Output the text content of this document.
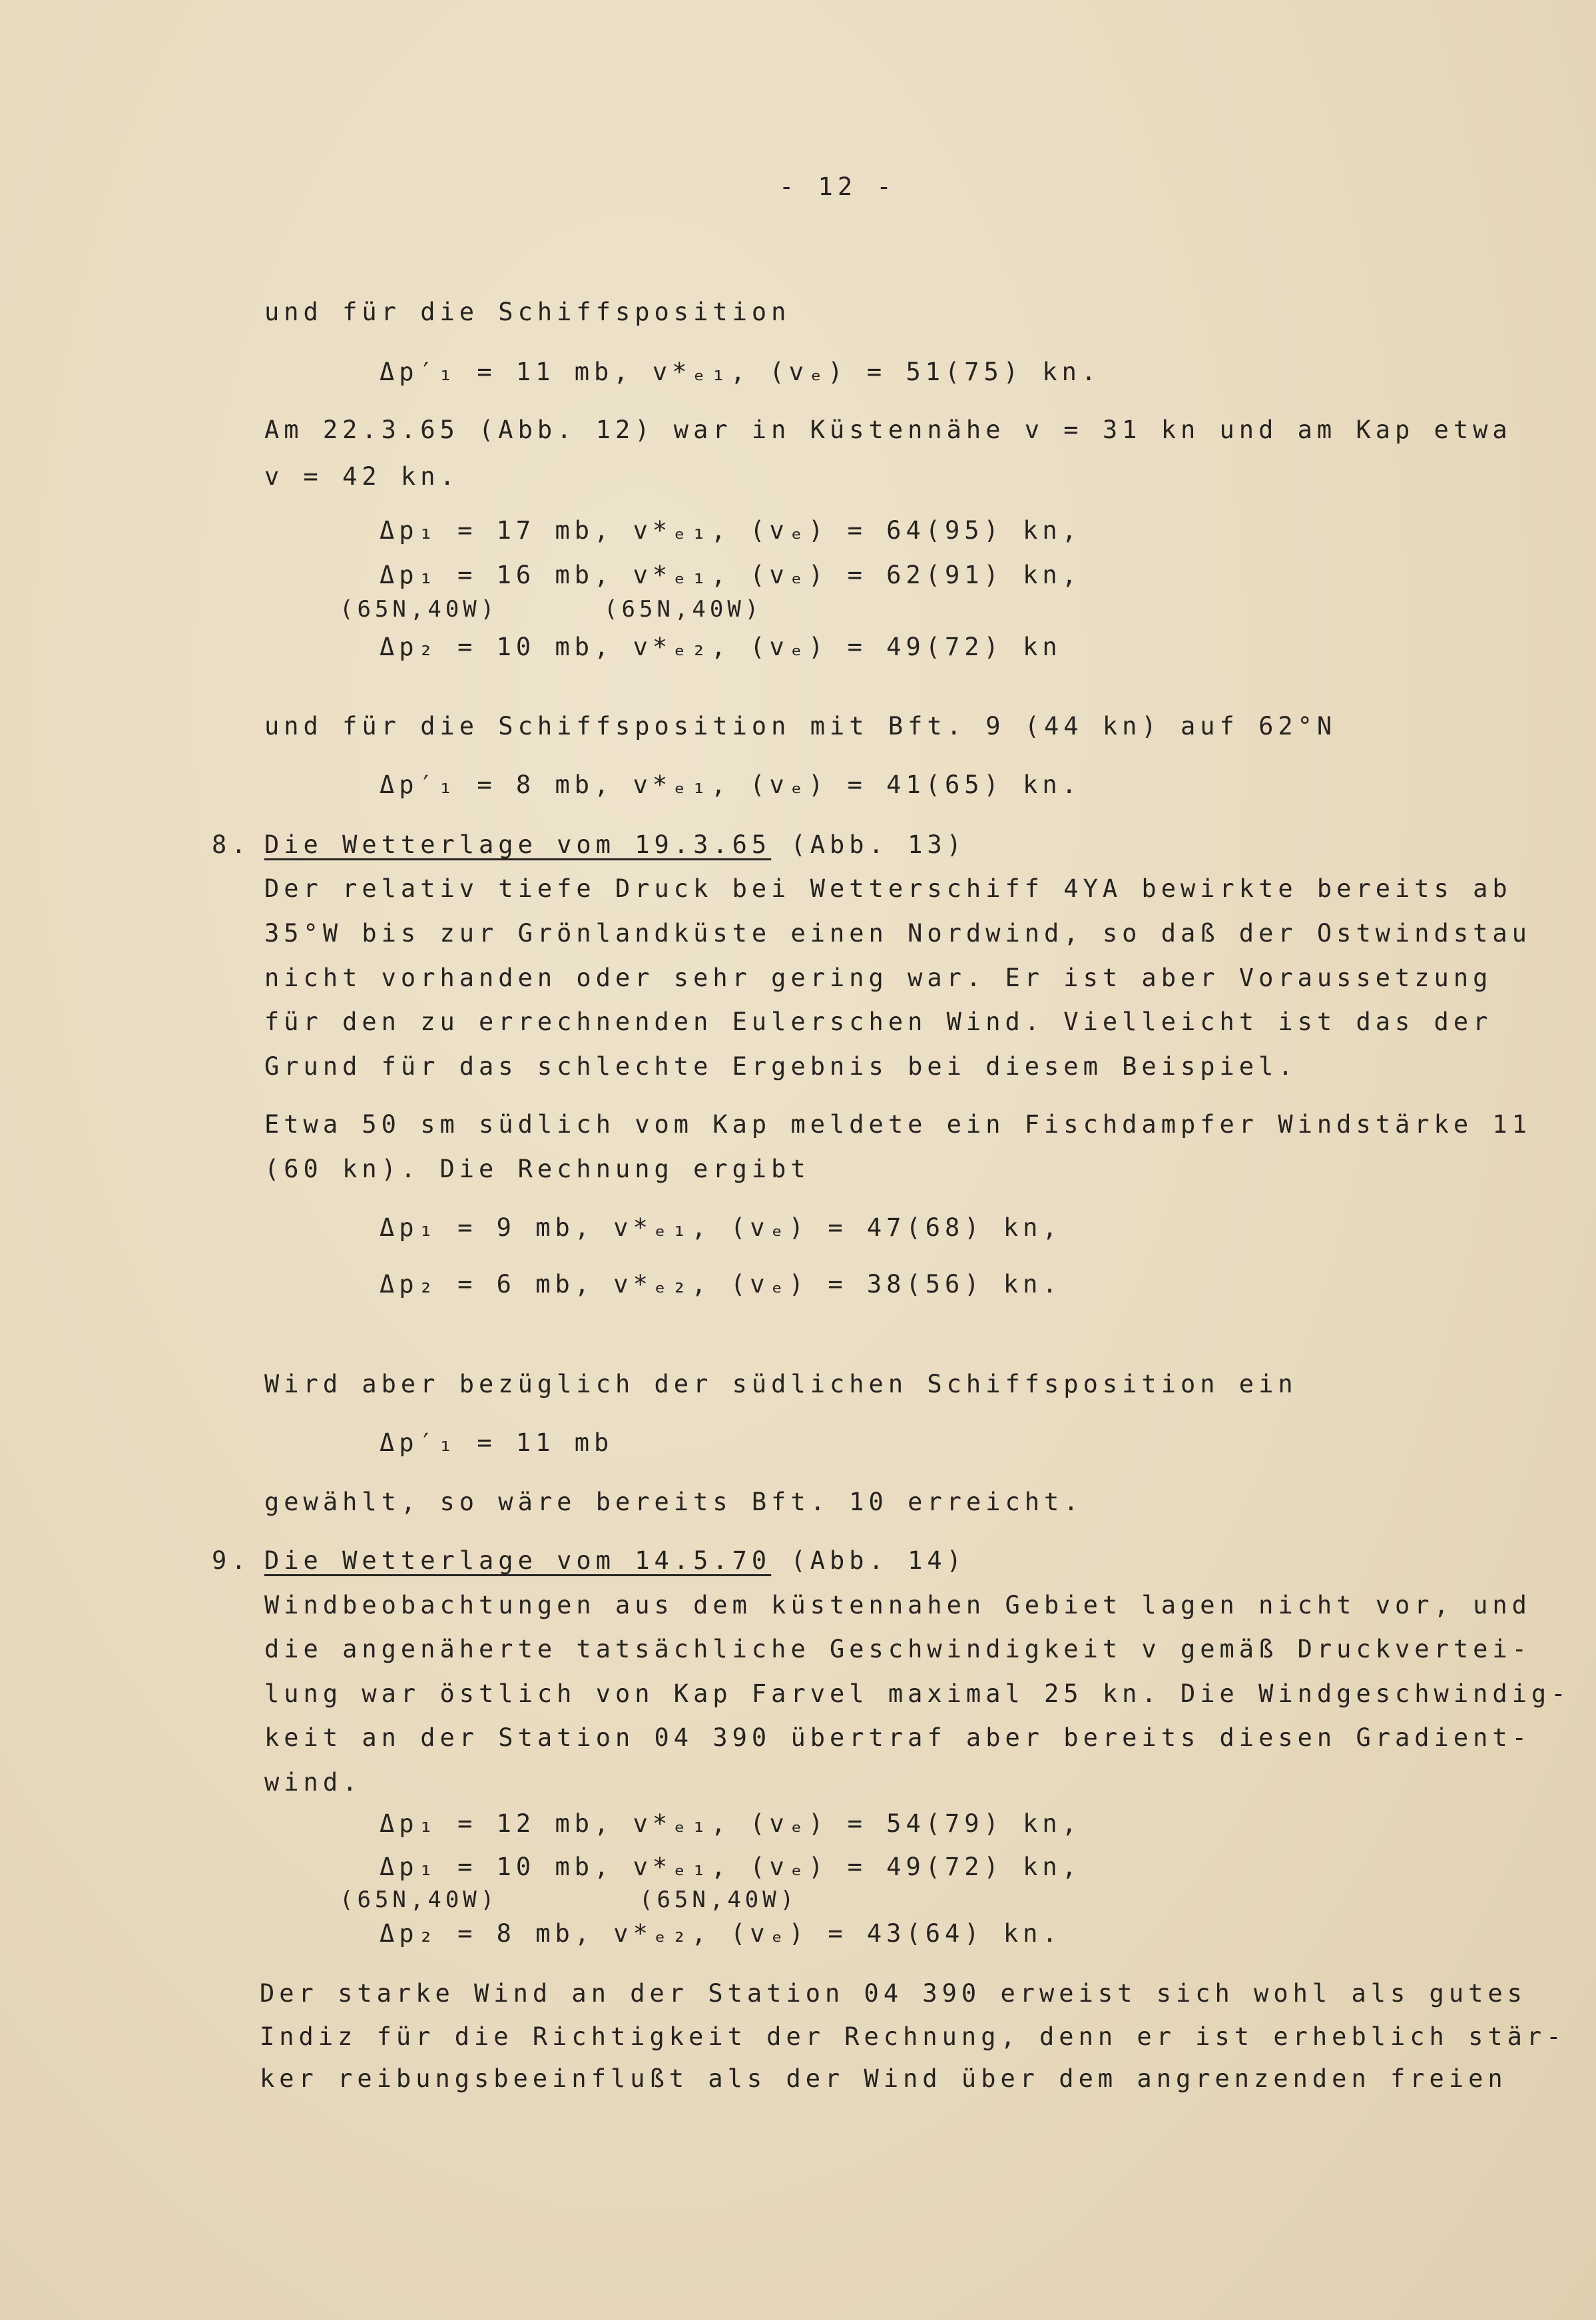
- 12 -
und für die Schiffsposition
Δp′₁ = 11 mb, v*ₑ₁, (vₑ) = 51(75) kn.
Am 22.3.65 (Abb. 12) war in Küstennähe v = 31 kn und am Kap etwa
v = 42 kn.
Δp₁ = 17 mb, v*ₑ₁, (vₑ) = 64(95) kn,
Δp₁ = 16 mb, v*ₑ₁, (vₑ) = 62(91) kn,
(65N,40W)      (65N,40W)
Δp₂ = 10 mb, v*ₑ₂, (vₑ) = 49(72) kn
und für die Schiffsposition mit Bft. 9 (44 kn) auf 62°N
Δp′₁ = 8 mb, v*ₑ₁, (vₑ) = 41(65) kn.
8. Die Wetterlage vom 19.3.65 (Abb. 13)
Der relativ tiefe Druck bei Wetterschiff 4YA bewirkte bereits ab
35°W bis zur Grönlandküste einen Nordwind, so daß der Ostwindstau
nicht vorhanden oder sehr gering war. Er ist aber Voraussetzung
für den zu errechnenden Eulerschen Wind. Vielleicht ist das der
Grund für das schlechte Ergebnis bei diesem Beispiel.
Etwa 50 sm südlich vom Kap meldete ein Fischdampfer Windstärke 11
(60 kn). Die Rechnung ergibt
Δp₁ = 9 mb, v*ₑ₁, (vₑ) = 47(68) kn,
Δp₂ = 6 mb, v*ₑ₂, (vₑ) = 38(56) kn.
Wird aber bezüglich der südlichen Schiffsposition ein
Δp′₁ = 11 mb
gewählt, so wäre bereits Bft. 10 erreicht.
9. Die Wetterlage vom 14.5.70 (Abb. 14)
Windbeobachtungen aus dem küstennahen Gebiet lagen nicht vor, und
die angenäherte tatsächliche Geschwindigkeit v gemäß Druckvertei-
lung war östlich von Kap Farvel maximal 25 kn. Die Windgeschwindig-
keit an der Station 04 390 übertraf aber bereits diesen Gradient-
wind.
Δp₁ = 12 mb, v*ₑ₁, (vₑ) = 54(79) kn,
Δp₁ = 10 mb, v*ₑ₁, (vₑ) = 49(72) kn,
(65N,40W)        (65N,40W)
Δp₂ = 8 mb, v*ₑ₂, (vₑ) = 43(64) kn.
Der starke Wind an der Station 04 390 erweist sich wohl als gutes
Indiz für die Richtigkeit der Rechnung, denn er ist erheblich stär-
ker reibungsbeeinflußt als der Wind über dem angrenzenden freien
